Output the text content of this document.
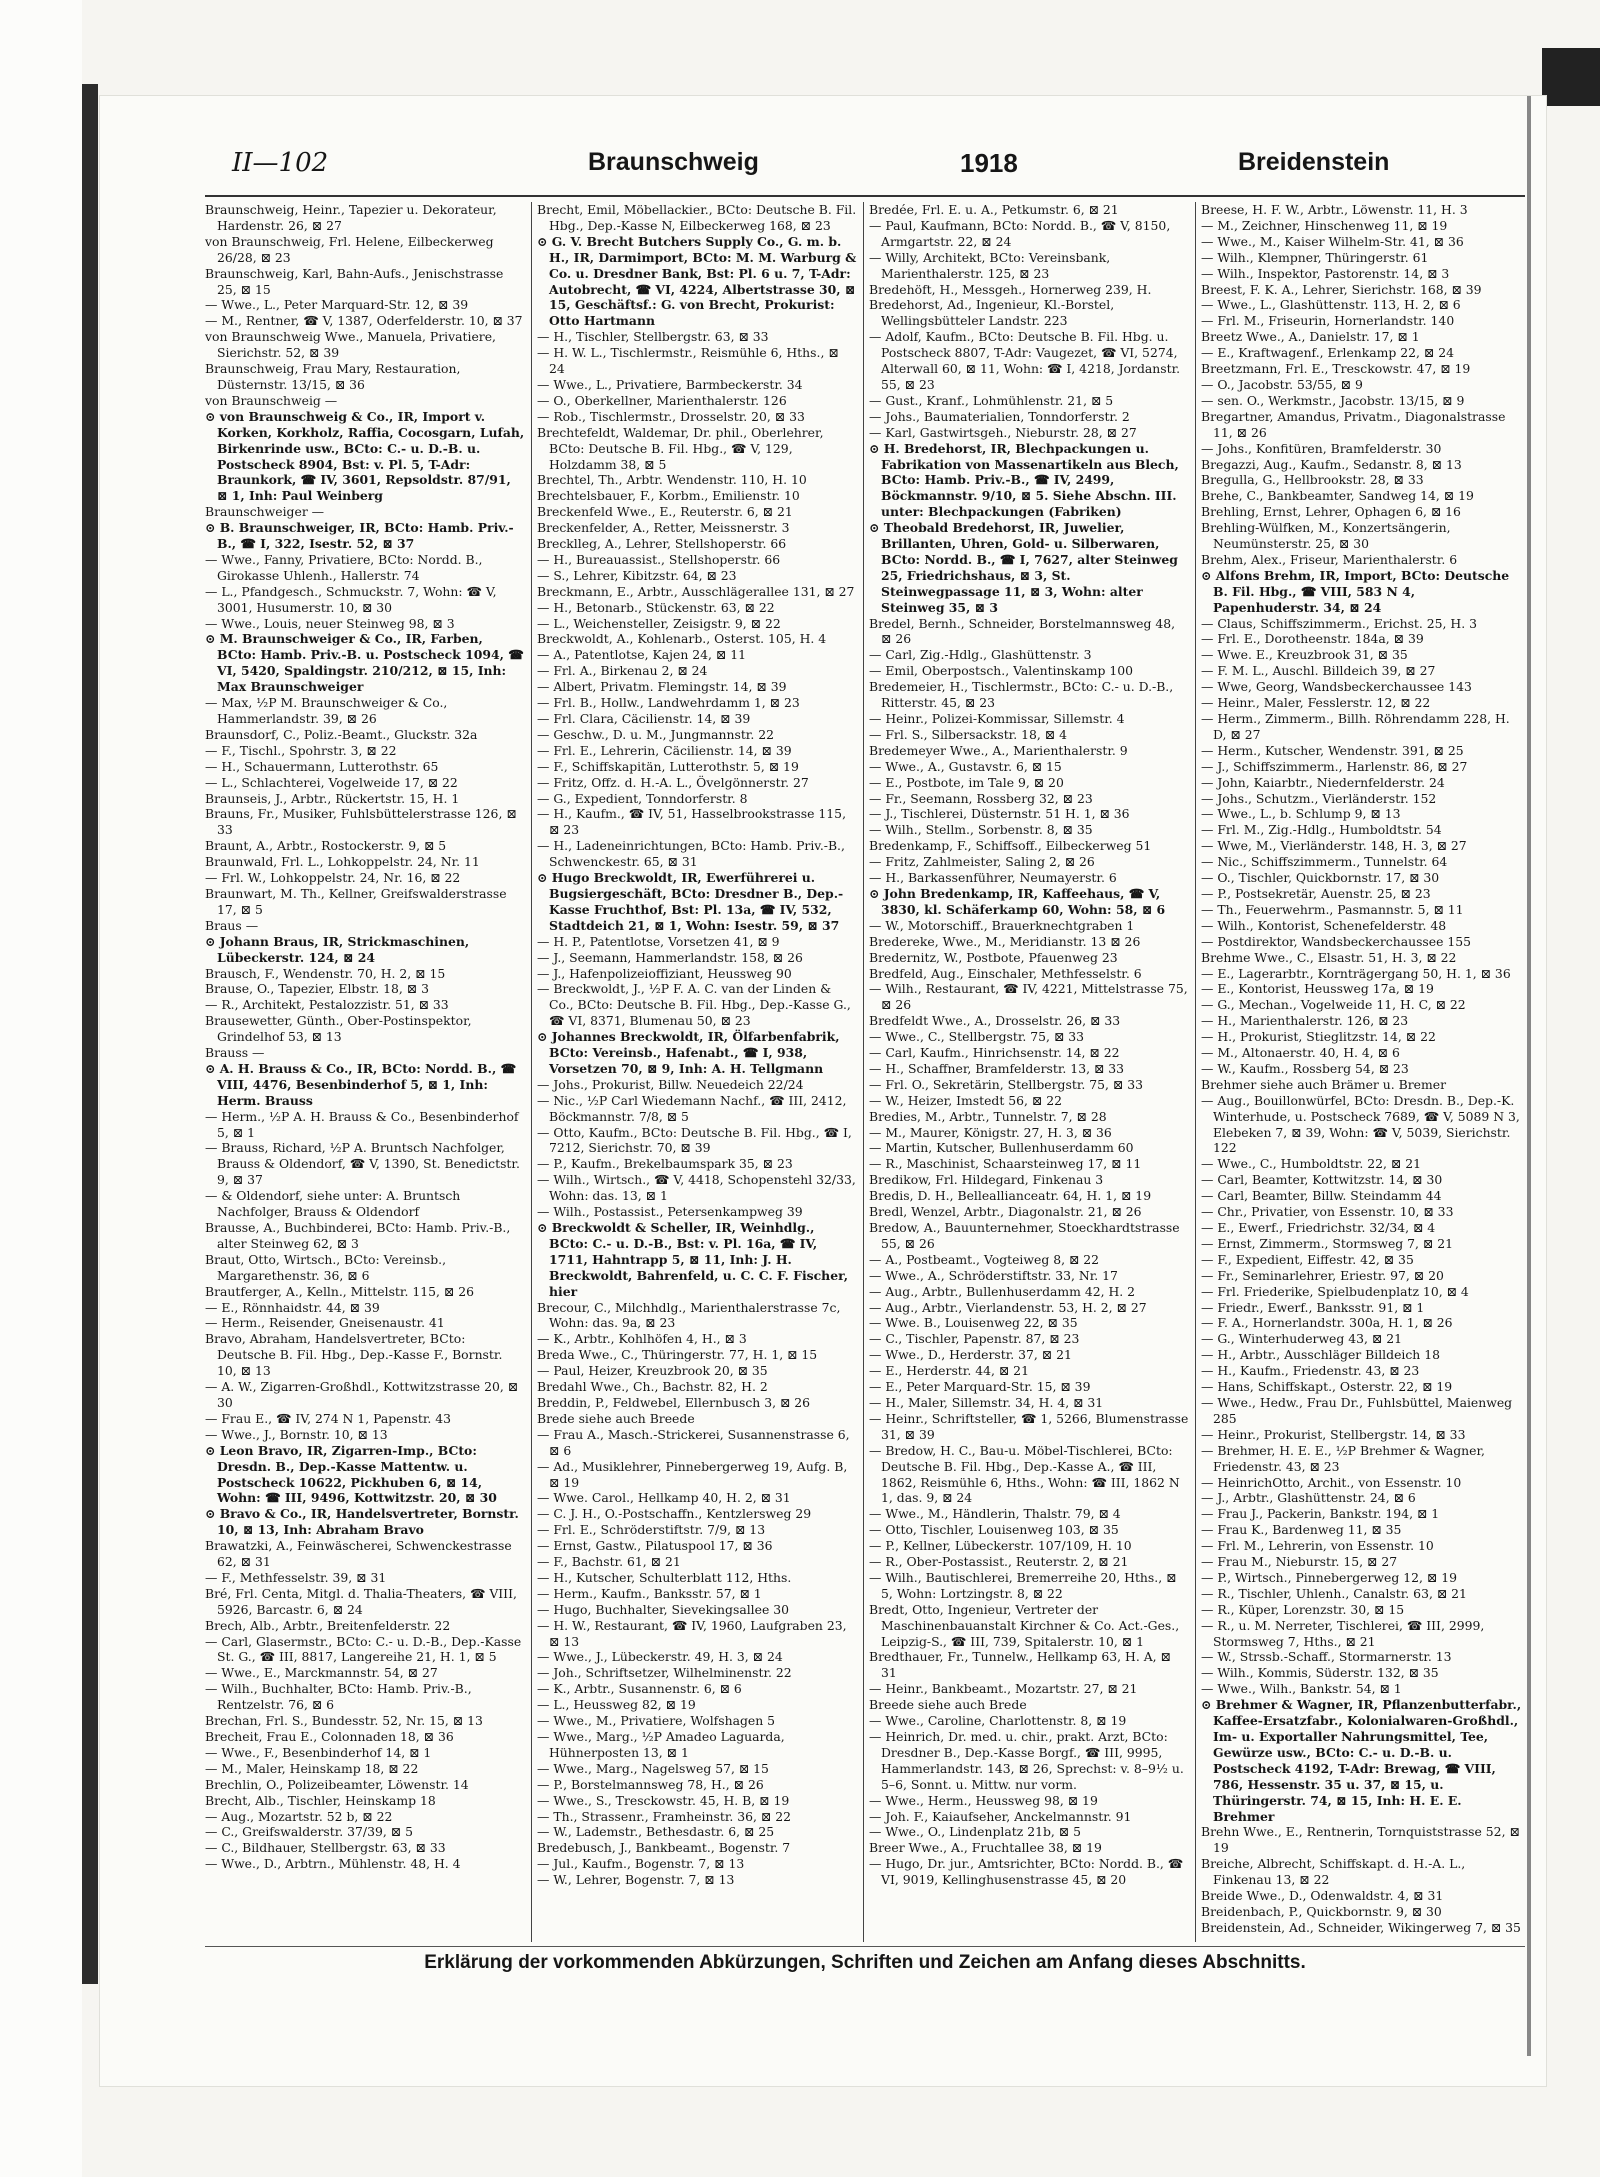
II—102	Braunschweig	1918	Breidenstein

Braunschweig, Heinr., Tapezier u. Dekorateur, Hardenstr. 26, ⊠ 27

von Braunschweig, Frl. Helene, Eilbeckerweg 26/28, ⊠ 23

Braunschweig, Karl, Bahn-Aufs., Jenischstrasse 25, ⊠ 15

— Wwe., L., Peter Marquard-Str. 12, ⊠ 39

— M., Rentner, ☎ V, 1387, Oderfelderstr. 10, ⊠ 37

von Braunschweig Wwe., Manuela, Privatiere, Sierichstr. 52, ⊠ 39

Braunschweig, Frau Mary, Restauration, Düsternstr. 13/15, ⊠ 36

von Braunschweig —

⊙ von Braunschweig & Co., IR, Import v. Korken, Korkholz, Raffia, Cocosgarn, Lufah, Birkenrinde usw., BCto: C.- u. D.-B. u. Postscheck 8904, Bst: v. Pl. 5, T-Adr: Braunkork, ☎ IV, 3601, Repsoldstr. 87/91, ⊠ 1, Inh: Paul Weinberg

Braunschweiger —

⊙ B. Braunschweiger, IR, BCto: Hamb. Priv.-B., ☎ I, 322, Isestr. 52, ⊠ 37

— Wwe., Fanny, Privatiere, BCto: Nordd. B., Girokasse Uhlenh., Hallerstr. 74

— L., Pfandgesch., Schmuckstr. 7, Wohn: ☎ V, 3001, Husumerstr. 10, ⊠ 30

— Wwe., Louis, neuer Steinweg 98, ⊠ 3

⊙ M. Braunschweiger & Co., IR, Farben, BCto: Hamb. Priv.-B. u. Postscheck 1094, ☎ VI, 5420, Spaldingstr. 210/212, ⊠ 15, Inh: Max Braunschweiger

— Max, ½P M. Braunschweiger & Co., Hammerlandstr. 39, ⊠ 26

Braunsdorf, C., Poliz.-Beamt., Gluckstr. 32a

— F., Tischl., Spohrstr. 3, ⊠ 22

— H., Schauermann, Lutterothstr. 65

— L., Schlachterei, Vogelweide 17, ⊠ 22

Braunseis, J., Arbtr., Rückertstr. 15, H. 1

Brauns, Fr., Musiker, Fuhlsbüttelerstrasse 126, ⊠ 33

Braunt, A., Arbtr., Rostockerstr. 9, ⊠ 5

Braunwald, Frl. L., Lohkoppelstr. 24, Nr. 11

— Frl. W., Lohkoppelstr. 24, Nr. 16, ⊠ 22

Braunwart, M. Th., Kellner, Greifswalderstrasse 17, ⊠ 5

Braus —

⊙ Johann Braus, IR, Strickmaschinen, Lübeckerstr. 124, ⊠ 24

Brausch, F., Wendenstr. 70, H. 2, ⊠ 15

Brause, O., Tapezier, Elbstr. 18, ⊠ 3

— R., Architekt, Pestalozzistr. 51, ⊠ 33

Brausewetter, Günth., Ober-Postinspektor, Grindelhof 53, ⊠ 13

Brauss —

⊙ A. H. Brauss & Co., IR, BCto: Nordd. B., ☎ VIII, 4476, Besenbinderhof 5, ⊠ 1, Inh: Herm. Brauss

— Herm., ½P A. H. Brauss & Co., Besenbinderhof 5, ⊠ 1

— Brauss, Richard, ½P A. Bruntsch Nachfolger, Brauss & Oldendorf, ☎ V, 1390, St. Benedictstr. 9, ⊠ 37

— & Oldendorf, siehe unter: A. Bruntsch Nachfolger, Brauss & Oldendorf

Brausse, A., Buchbinderei, BCto: Hamb. Priv.-B., alter Steinweg 62, ⊠ 3

Braut, Otto, Wirtsch., BCto: Vereinsb., Margarethenstr. 36, ⊠ 6

Brautferger, A., Kelln., Mittelstr. 115, ⊠ 26

— E., Rönnhaidstr. 44, ⊠ 39

— Herm., Reisender, Gneisenaustr. 41

Bravo, Abraham, Handelsvertreter, BCto: Deutsche B. Fil. Hbg., Dep.-Kasse F., Bornstr. 10, ⊠ 13

— A. W., Zigarren-Großhdl., Kottwitzstrasse 20, ⊠ 30

— Frau E., ☎ IV, 274 N 1, Papenstr. 43

— Wwe., J., Bornstr. 10, ⊠ 13

⊙ Leon Bravo, IR, Zigarren-Imp., BCto: Dresdn. B., Dep.-Kasse Mattentw. u. Postscheck 10622, Pickhuben 6, ⊠ 14, Wohn: ☎ III, 9496, Kottwitzstr. 20, ⊠ 30

⊙ Bravo & Co., IR, Handelsvertreter, Bornstr. 10, ⊠ 13, Inh: Abraham Bravo

Brawatzki, A., Feinwäscherei, Schwenckestrasse 62, ⊠ 31

— F., Methfesselstr. 39, ⊠ 31

Bré, Frl. Centa, Mitgl. d. Thalia-Theaters, ☎ VIII, 5926, Barcastr. 6, ⊠ 24

Brech, Alb., Arbtr., Breitenfelderstr. 22

— Carl, Glasermstr., BCto: C.- u. D.-B., Dep.-Kasse St. G., ☎ III, 8817, Langereihe 21, H. 1, ⊠ 5

— Wwe., E., Marckmannstr. 54, ⊠ 27

— Wilh., Buchhalter, BCto: Hamb. Priv.-B., Rentzelstr. 76, ⊠ 6

Brechan, Frl. S., Bundesstr. 52, Nr. 15, ⊠ 13

Brecheit, Frau E., Colonnaden 18, ⊠ 36

— Wwe., F., Besenbinderhof 14, ⊠ 1

— M., Maler, Heinskamp 18, ⊠ 22

Brechlin, O., Polizeibeamter, Löwenstr. 14

Brecht, Alb., Tischler, Heinskamp 18

— Aug., Mozartstr. 52 b, ⊠ 22

— C., Greifswalderstr. 37/39, ⊠ 5

— C., Bildhauer, Stellbergstr. 63, ⊠ 33

— Wwe., D., Arbtrn., Mühlenstr. 48, H. 4

Brecht, Emil, Möbellackier., BCto: Deutsche B. Fil. Hbg., Dep.-Kasse N, Eilbeckerweg 168, ⊠ 23

⊙ G. V. Brecht Butchers Supply Co., G. m. b. H., IR, Darmimport, BCto: M. M. Warburg & Co. u. Dresdner Bank, Bst: Pl. 6 u. 7, T-Adr: Autobrecht, ☎ VI, 4224, Albertstrasse 30, ⊠ 15, Geschäftsf.: G. von Brecht, Prokurist: Otto Hartmann

— H., Tischler, Stellbergstr. 63, ⊠ 33

— H. W. L., Tischlermstr., Reismühle 6, Hths., ⊠ 24

— Wwe., L., Privatiere, Barmbeckerstr. 34

— O., Oberkellner, Marienthalerstr. 126

— Rob., Tischlermstr., Drosselstr. 20, ⊠ 33

Brechtefeldt, Waldemar, Dr. phil., Oberlehrer, BCto: Deutsche B. Fil. Hbg., ☎ V, 129, Holzdamm 38, ⊠ 5

Brechtel, Th., Arbtr. Wendenstr. 110, H. 10

Brechtelsbauer, F., Korbm., Emilienstr. 10

Breckenfeld Wwe., E., Reuterstr. 6, ⊠ 21

Breckenfelder, A., Retter, Meissnerstr. 3

Brecklleg, A., Lehrer, Stellshoperstr. 66

— H., Bureauassist., Stellshoperstr. 66

— S., Lehrer, Kibitzstr. 64, ⊠ 23

Breckmann, E., Arbtr., Ausschlägerallee 131, ⊠ 27

— H., Betonarb., Stückenstr. 63, ⊠ 22

— L., Weichensteller, Zeisigstr. 9, ⊠ 22

Breckwoldt, A., Kohlenarb., Osterst. 105, H. 4

— A., Patentlotse, Kajen 24, ⊠ 11

— Frl. A., Birkenau 2, ⊠ 24

— Albert, Privatm. Flemingstr. 14, ⊠ 39

— Frl. B., Hollw., Landwehrdamm 1, ⊠ 23

— Frl. Clara, Cäcilienstr. 14, ⊠ 39

— Geschw., D. u. M., Jungmannstr. 22

— Frl. E., Lehrerin, Cäcilienstr. 14, ⊠ 39

— F., Schiffskapitän, Lutterothstr. 5, ⊠ 19

— Fritz, Offz. d. H.-A. L., Övelgönnerstr. 27

— G., Expedient, Tonndorferstr. 8

— H., Kaufm., ☎ IV, 51, Hasselbrookstrasse 115, ⊠ 23

— H., Ladeneinrichtungen, BCto: Hamb. Priv.-B., Schwenckestr. 65, ⊠ 31

⊙ Hugo Breckwoldt, IR, Ewerführerei u. Bugsiergeschäft, BCto: Dresdner B., Dep.-Kasse Fruchthof, Bst: Pl. 13a, ☎ IV, 532, Stadtdeich 21, ⊠ 1, Wohn: Isestr. 59, ⊠ 37

— H. P., Patentlotse, Vorsetzen 41, ⊠ 9

— J., Seemann, Hammerlandstr. 158, ⊠ 26

— J., Hafenpolizeioffiziant, Heussweg 90

— Breckwoldt, J., ½P F. A. C. van der Linden & Co., BCto: Deutsche B. Fil. Hbg., Dep.-Kasse G., ☎ VI, 8371, Blumenau 50, ⊠ 23

⊙ Johannes Breckwoldt, IR, Ölfarbenfabrik, BCto: Vereinsb., Hafenabt., ☎ I, 938, Vorsetzen 70, ⊠ 9, Inh: A. H. Tellgmann

— Johs., Prokurist, Billw. Neuedeich 22/24

— Nic., ½P Carl Wiedemann Nachf., ☎ III, 2412, Böckmannstr. 7/8, ⊠ 5

— Otto, Kaufm., BCto: Deutsche B. Fil. Hbg., ☎ I, 7212, Sierichstr. 70, ⊠ 39

— P., Kaufm., Brekelbaumspark 35, ⊠ 23

— Wilh., Wirtsch., ☎ V, 4418, Schopenstehl 32/33, Wohn: das. 13, ⊠ 1

— Wilh., Postassist., Petersenkampweg 39

⊙ Breckwoldt & Scheller, IR, Weinhdlg., BCto: C.- u. D.-B., Bst: v. Pl. 16a, ☎ IV, 1711, Hahntrapp 5, ⊠ 11, Inh: J. H. Breckwoldt, Bahrenfeld, u. C. C. F. Fischer, hier

Brecour, C., Milchhdlg., Marienthalerstrasse 7c, Wohn: das. 9a, ⊠ 23

— K., Arbtr., Kohlhöfen 4, H., ⊠ 3

Breda Wwe., C., Thüringerstr. 77, H. 1, ⊠ 15

— Paul, Heizer, Kreuzbrook 20, ⊠ 35

Bredahl Wwe., Ch., Bachstr. 82, H. 2

Breddin, P., Feldwebel, Ellernbusch 3, ⊠ 26

Brede siehe auch Breede

— Frau A., Masch.-Strickerei, Susannenstrasse 6, ⊠ 6

— Ad., Musiklehrer, Pinnebergerweg 19, Aufg. B, ⊠ 19

— Wwe. Carol., Hellkamp 40, H. 2, ⊠ 31

— C. J. H., O.-Postschaffn., Kentzlersweg 29

— Frl. E., Schröderstiftstr. 7/9, ⊠ 13

— Ernst, Gastw., Pilatuspool 17, ⊠ 36

— F., Bachstr. 61, ⊠ 21

— H., Kutscher, Schulterblatt 112, Hths.

— Herm., Kaufm., Banksstr. 57, ⊠ 1

— Hugo, Buchhalter, Sievekingsallee 30

— H. W., Restaurant, ☎ IV, 1960, Laufgraben 23, ⊠ 13

— Wwe., J., Lübeckerstr. 49, H. 3, ⊠ 24

— Joh., Schriftsetzer, Wilhelminenstr. 22

— K., Arbtr., Susannenstr. 6, ⊠ 6

— L., Heussweg 82, ⊠ 19

— Wwe., M., Privatiere, Wolfshagen 5

— Wwe., Marg., ½P Amadeo Laguarda, Hühnerposten 13, ⊠ 1

— Wwe., Marg., Nagelsweg 57, ⊠ 15

— P., Borstelmannsweg 78, H., ⊠ 26

— Wwe., S., Tresckowstr. 45, H. B, ⊠ 19

— Th., Strassenr., Framheinstr. 36, ⊠ 22

— W., Lademstr., Bethesdastr. 6, ⊠ 25

Bredebusch, J., Bankbeamt., Bogenstr. 7

— Jul., Kaufm., Bogenstr. 7, ⊠ 13

— W., Lehrer, Bogenstr. 7, ⊠ 13

Bredée, Frl. E. u. A., Petkumstr. 6, ⊠ 21

— Paul, Kaufmann, BCto: Nordd. B., ☎ V, 8150, Armgartstr. 22, ⊠ 24

— Willy, Architekt, BCto: Vereinsbank, Marienthalerstr. 125, ⊠ 23

Bredehöft, H., Messgeh., Hornerweg 239, H.

Bredehorst, Ad., Ingenieur, Kl.-Borstel, Wellingsbütteler Landstr. 223

— Adolf, Kaufm., BCto: Deutsche B. Fil. Hbg. u. Postscheck 8807, T-Adr: Vaugezet, ☎ VI, 5274, Alterwall 60, ⊠ 11, Wohn: ☎ I, 4218, Jordanstr. 55, ⊠ 23

— Gust., Kranf., Lohmühlenstr. 21, ⊠ 5

— Johs., Baumaterialien, Tonndorferstr. 2

— Karl, Gastwirtsgeh., Nieburstr. 28, ⊠ 27

⊙ H. Bredehorst, IR, Blechpackungen u. Fabrikation von Massenartikeln aus Blech, BCto: Hamb. Priv.-B., ☎ IV, 2499, Böckmannstr. 9/10, ⊠ 5. Siehe Abschn. III. unter: Blechpackungen (Fabriken)

⊙ Theobald Bredehorst, IR, Juwelier, Brillanten, Uhren, Gold- u. Silberwaren, BCto: Nordd. B., ☎ I, 7627, alter Steinweg 25, Friedrichshaus, ⊠ 3, St. Steinwegpassage 11, ⊠ 3, Wohn: alter Steinweg 35, ⊠ 3

Bredel, Bernh., Schneider, Borstelmannsweg 48, ⊠ 26

— Carl, Zig.-Hdlg., Glashüttenstr. 3

— Emil, Oberpostsch., Valentinskamp 100

Bredemeier, H., Tischlermstr., BCto: C.- u. D.-B., Ritterstr. 45, ⊠ 23

— Heinr., Polizei-Kommissar, Sillemstr. 4

— Frl. S., Silbersackstr. 18, ⊠ 4

Bredemeyer Wwe., A., Marienthalerstr. 9

— Wwe., A., Gustavstr. 6, ⊠ 15

— E., Postbote, im Tale 9, ⊠ 20

— Fr., Seemann, Rossberg 32, ⊠ 23

— J., Tischlerei, Düsternstr. 51 H. 1, ⊠ 36

— Wilh., Stellm., Sorbenstr. 8, ⊠ 35

Bredenkamp, F., Schiffsoff., Eilbeckerweg 51

— Fritz, Zahlmeister, Saling 2, ⊠ 26

— H., Barkassenführer, Neumayerstr. 6

⊙ John Bredenkamp, IR, Kaffeehaus, ☎ V, 3830, kl. Schäferkamp 60, Wohn: 58, ⊠ 6

— W., Motorschiff., Brauerknechtgraben 1

Bredereke, Wwe., M., Meridianstr. 13 ⊠ 26

Bredernitz, W., Postbote, Pfauenweg 23

Bredfeld, Aug., Einschaler, Methfesselstr. 6

— Wilh., Restaurant, ☎ IV, 4221, Mittelstrasse 75, ⊠ 26

Bredfeldt Wwe., A., Drosselstr. 26, ⊠ 33

— Wwe., C., Stellbergstr. 75, ⊠ 33

— Carl, Kaufm., Hinrichsenstr. 14, ⊠ 22

— H., Schaffner, Bramfelderstr. 13, ⊠ 33

— Frl. O., Sekretärin, Stellbergstr. 75, ⊠ 33

— W., Heizer, Imstedt 56, ⊠ 22

Bredies, M., Arbtr., Tunnelstr. 7, ⊠ 28

— M., Maurer, Königstr. 27, H. 3, ⊠ 36

— Martin, Kutscher, Bullenhuserdamm 60

— R., Maschinist, Schaarsteinweg 17, ⊠ 11

Bredikow, Frl. Hildegard, Finkenau 3

Bredis, D. H., Belleallianceatr. 64, H. 1, ⊠ 19

Bredl, Wenzel, Arbtr., Diagonalstr. 21, ⊠ 26

Bredow, A., Bauunternehmer, Stoeckhardtstrasse 55, ⊠ 26

— A., Postbeamt., Vogteiweg 8, ⊠ 22

— Wwe., A., Schröderstiftstr. 33, Nr. 17

— Aug., Arbtr., Bullenhuserdamm 42, H. 2

— Aug., Arbtr., Vierlandenstr. 53, H. 2, ⊠ 27

— Wwe. B., Louisenweg 22, ⊠ 35

— C., Tischler, Papenstr. 87, ⊠ 23

— Wwe., D., Herderstr. 37, ⊠ 21

— E., Herderstr. 44, ⊠ 21

— E., Peter Marquard-Str. 15, ⊠ 39

— H., Maler, Sillemstr. 34, H. 4, ⊠ 31

— Heinr., Schriftsteller, ☎ 1, 5266, Blumenstrasse 31, ⊠ 39

— Bredow, H. C., Bau-u. Möbel-Tischlerei, BCto: Deutsche B. Fil. Hbg., Dep.-Kasse A., ☎ III, 1862, Reismühle 6, Hths., Wohn: ☎ III, 1862 N 1, das. 9, ⊠ 24

— Wwe., M., Händlerin, Thalstr. 79, ⊠ 4

— Otto, Tischler, Louisenweg 103, ⊠ 35

— P., Kellner, Lübeckerstr. 107/109, H. 10

— R., Ober-Postassist., Reuterstr. 2, ⊠ 21

— Wilh., Bautischlerei, Bremerreihe 20, Hths., ⊠ 5, Wohn: Lortzingstr. 8, ⊠ 22

Bredt, Otto, Ingenieur, Vertreter der Maschinenbauanstalt Kirchner & Co. Act.-Ges., Leipzig-S., ☎ III, 739, Spitalerstr. 10, ⊠ 1

Bredthauer, Fr., Tunnelw., Hellkamp 63, H. A, ⊠ 31

— Heinr., Bankbeamt., Mozartstr. 27, ⊠ 21

Breede siehe auch Brede

— Wwe., Caroline, Charlottenstr. 8, ⊠ 19

— Heinrich, Dr. med. u. chir., prakt. Arzt, BCto: Dresdner B., Dep.-Kasse Borgf., ☎ III, 9995, Hammerlandstr. 143, ⊠ 26, Sprechst: v. 8–9½ u. 5–6, Sonnt. u. Mittw. nur vorm.

— Wwe., Herm., Heussweg 98, ⊠ 19

— Joh. F., Kaiaufseher, Anckelmannstr. 91

— Wwe., O., Lindenplatz 21b, ⊠ 5

Breer Wwe., A., Fruchtallee 38, ⊠ 19

— Hugo, Dr. jur., Amtsrichter, BCto: Nordd. B., ☎ VI, 9019, Kellinghusenstrasse 45, ⊠ 20

Breese, H. F. W., Arbtr., Löwenstr. 11, H. 3

— M., Zeichner, Hinschenweg 11, ⊠ 19

— Wwe., M., Kaiser Wilhelm-Str. 41, ⊠ 36

— Wilh., Klempner, Thüringerstr. 61

— Wilh., Inspektor, Pastorenstr. 14, ⊠ 3

Breest, F. K. A., Lehrer, Sierichstr. 168, ⊠ 39

— Wwe., L., Glashüttenstr. 113, H. 2, ⊠ 6

— Frl. M., Friseurin, Hornerlandstr. 140

Breetz Wwe., A., Danielstr. 17, ⊠ 1

— E., Kraftwagenf., Erlenkamp 22, ⊠ 24

Breetzmann, Frl. E., Tresckowstr. 47, ⊠ 19

— O., Jacobstr. 53/55, ⊠ 9

— sen. O., Werkmstr., Jacobstr. 13/15, ⊠ 9

Bregartner, Amandus, Privatm., Diagonalstrasse 11, ⊠ 26

— Johs., Konfitüren, Bramfelderstr. 30

Bregazzi, Aug., Kaufm., Sedanstr. 8, ⊠ 13

Bregulla, G., Hellbrookstr. 28, ⊠ 33

Brehe, C., Bankbeamter, Sandweg 14, ⊠ 19

Brehling, Ernst, Lehrer, Ophagen 6, ⊠ 16

Brehling-Wülfken, M., Konzertsängerin, Neumünsterstr. 25, ⊠ 30

Brehm, Alex., Friseur, Marienthalerstr. 6

⊙ Alfons Brehm, IR, Import, BCto: Deutsche B. Fil. Hbg., ☎ VIII, 583 N 4, Papenhuderstr. 34, ⊠ 24

— Claus, Schiffszimmerm., Erichst. 25, H. 3

— Frl. E., Dorotheenstr. 184a, ⊠ 39

— Wwe. E., Kreuzbrook 31, ⊠ 35

— F. M. L., Auschl. Billdeich 39, ⊠ 27

— Wwe, Georg, Wandsbeckerchaussee 143

— Heinr., Maler, Fesslerstr. 12, ⊠ 22

— Herm., Zimmerm., Billh. Röhrendamm 228, H. D, ⊠ 27

— Herm., Kutscher, Wendenstr. 391, ⊠ 25

— J., Schiffszimmerm., Harlenstr. 86, ⊠ 27

— John, Kaiarbtr., Niedernfelderstr. 24

— Johs., Schutzm., Vierländerstr. 152

— Wwe., L., b. Schlump 9, ⊠ 13

— Frl. M., Zig.-Hdlg., Humboldtstr. 54

— Wwe, M., Vierländerstr. 148, H. 3, ⊠ 27

— Nic., Schiffszimmerm., Tunnelstr. 64

— O., Tischler, Quickbornstr. 17, ⊠ 30

— P., Postsekretär, Auenstr. 25, ⊠ 23

— Th., Feuerwehrm., Pasmannstr. 5, ⊠ 11

— Wilh., Kontorist, Schenefelderstr. 48

— Postdirektor, Wandsbeckerchaussee 155

Brehme Wwe., C., Elsastr. 51, H. 3, ⊠ 22

— E., Lagerarbtr., Kornträgergang 50, H. 1, ⊠ 36

— E., Kontorist, Heussweg 17a, ⊠ 19

— G., Mechan., Vogelweide 11, H. C, ⊠ 22

— H., Marienthalerstr. 126, ⊠ 23

— H., Prokurist, Stieglitzstr. 14, ⊠ 22

— M., Altonaerstr. 40, H. 4, ⊠ 6

— W., Kaufm., Rossberg 54, ⊠ 23

Brehmer siehe auch Brämer u. Bremer

— Aug., Bouillonwürfel, BCto: Dresdn. B., Dep.-K. Winterhude, u. Postscheck 7689, ☎ V, 5089 N 3, Elebeken 7, ⊠ 39, Wohn: ☎ V, 5039, Sierichstr. 122

— Wwe., C., Humboldtstr. 22, ⊠ 21

— Carl, Beamter, Kottwitzstr. 14, ⊠ 30

— Carl, Beamter, Billw. Steindamm 44

— Chr., Privatier, von Essenstr. 10, ⊠ 33

— E., Ewerf., Friedrichstr. 32/34, ⊠ 4

— Ernst, Zimmerm., Stormsweg 7, ⊠ 21

— F., Expedient, Eiffestr. 42, ⊠ 35

— Fr., Seminarlehrer, Eriestr. 97, ⊠ 20

— Frl. Friederike, Spielbudenplatz 10, ⊠ 4

— Friedr., Ewerf., Banksstr. 91, ⊠ 1

— F. A., Hornerlandstr. 300a, H. 1, ⊠ 26

— G., Winterhuderweg 43, ⊠ 21

— H., Arbtr., Ausschläger Billdeich 18

— H., Kaufm., Friedenstr. 43, ⊠ 23

— Hans, Schiffskapt., Osterstr. 22, ⊠ 19

— Wwe., Hedw., Frau Dr., Fuhlsbüttel, Maienweg 285

— Heinr., Prokurist, Stellbergstr. 14, ⊠ 33

— Brehmer, H. E. E., ½P Brehmer & Wagner, Friedenstr. 43, ⊠ 23

— HeinrichOtto, Archit., von Essenstr. 10

— J., Arbtr., Glashüttenstr. 24, ⊠ 6

— Frau J., Packerin, Bankstr. 194, ⊠ 1

— Frau K., Bardenweg 11, ⊠ 35

— Frl. M., Lehrerin, von Essenstr. 10

— Frau M., Nieburstr. 15, ⊠ 27

— P., Wirtsch., Pinnebergerweg 12, ⊠ 19

— R., Tischler, Uhlenh., Canalstr. 63, ⊠ 21

— R., Küper, Lorenzstr. 30, ⊠ 15

— R., u. M. Nerreter, Tischlerei, ☎ III, 2999, Stormsweg 7, Hths., ⊠ 21

— W., Strssb.-Schaff., Stormarnerstr. 13

— Wilh., Kommis, Süderstr. 132, ⊠ 35

— Wwe., Wilh., Bankstr. 54, ⊠ 1

⊙ Brehmer & Wagner, IR, Pflanzenbutterfabr., Kaffee-Ersatzfabr., Kolonialwaren-Großhdl., Im- u. Exportaller Nahrungsmittel, Tee, Gewürze usw., BCto: C.- u. D.-B. u. Postscheck 4192, T-Adr: Brewag, ☎ VIII, 786, Hessenstr. 35 u. 37, ⊠ 15, u. Thüringerstr. 74, ⊠ 15, Inh: H. E. E. Brehmer

Brehn Wwe., E., Rentnerin, Tornquiststrasse 52, ⊠ 19

Breiche, Albrecht, Schiffskapt. d. H.-A. L., Finkenau 13, ⊠ 22

Breide Wwe., D., Odenwaldstr. 4, ⊠ 31

Breidenbach, P., Quickbornstr. 9, ⊠ 30

Breidenstein, Ad., Schneider, Wikingerweg 7, ⊠ 35

Erklärung der vorkommenden Abkürzungen, Schriften und Zeichen am Anfang dieses Abschnitts.
